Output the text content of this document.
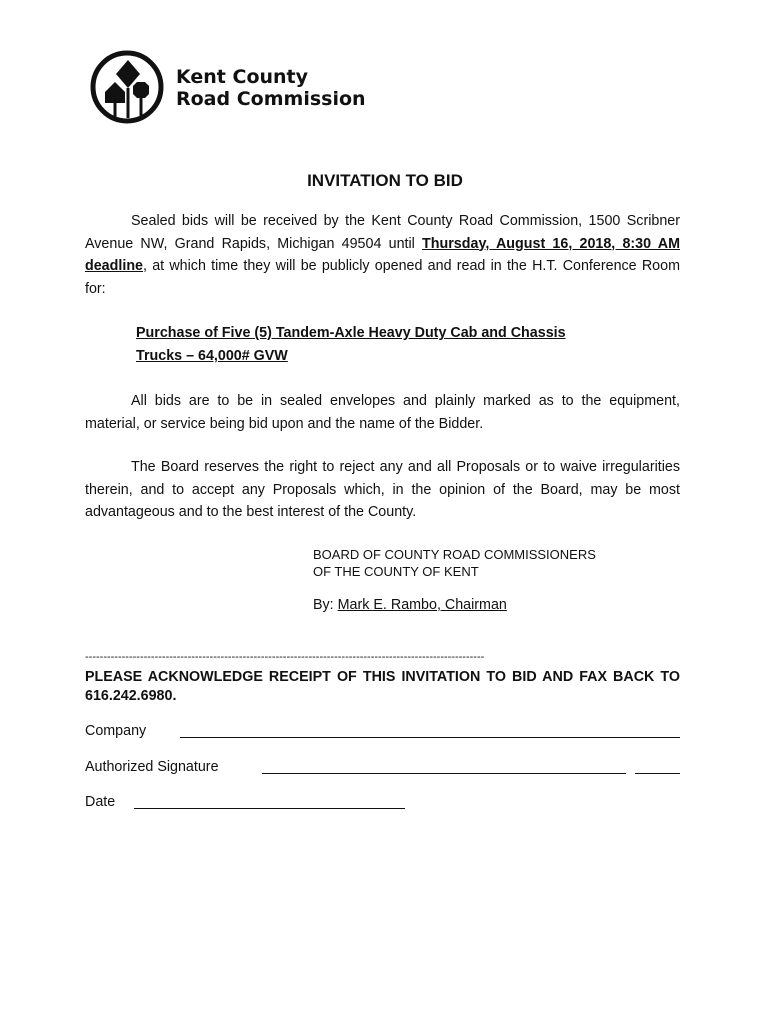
Kent County
Road Commission
INVITATION TO BID
Sealed bids will be received by the Kent County Road Commission, 1500 Scribner Avenue NW, Grand Rapids, Michigan 49504 until Thursday, August 16, 2018, 8:30 AM deadline, at which time they will be publicly opened and read in the H.T. Conference Room for:
Purchase of Five (5) Tandem-Axle Heavy Duty Cab and Chassis
Trucks – 64,000# GVW
All bids are to be in sealed envelopes and plainly marked as to the equipment, material, or service being bid upon and the name of the Bidder.
The Board reserves the right to reject any and all Proposals or to waive irregularities therein, and to accept any Proposals which, in the opinion of the Board, may be most advantageous and to the best interest of the County.
BOARD OF COUNTY ROAD COMMISSIONERS
OF THE COUNTY OF KENT
By: Mark E. Rambo, Chairman
-------------------------------------------------------------------------------------------------------------
PLEASE ACKNOWLEDGE RECEIPT OF THIS INVITATION TO BID AND FAX BACK TO 616.242.6980.
Company
Authorized Signature
Date
